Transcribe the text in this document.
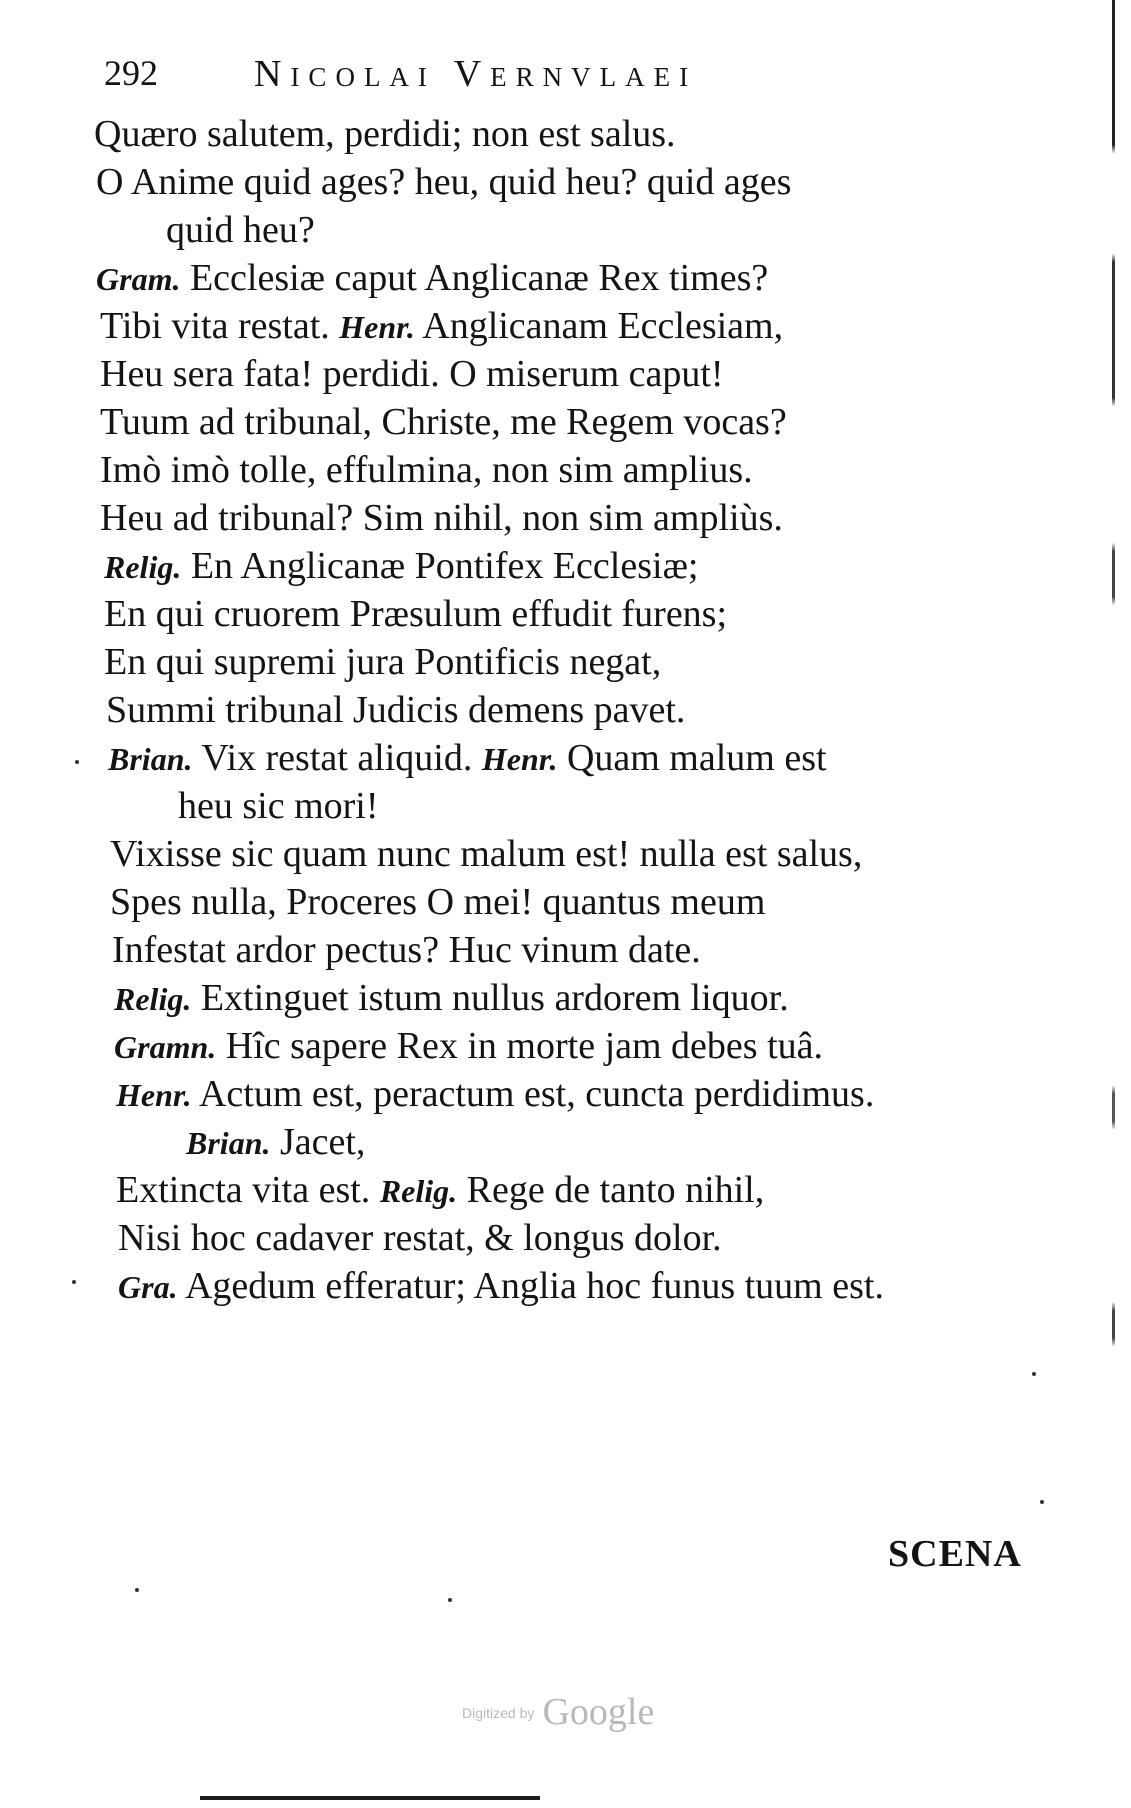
292	Nicolai Vernvlaei
Quæro salutem, perdidi; non est salus.
O Anime quid ages? heu, quid heu? quid ages
quid heu?
Gram. Ecclesiæ caput Anglicanæ Rex times?
Tibi vita restat. Henr. Anglicanam Ecclesiam,
Heu sera fata! perdidi. O miserum caput!
Tuum ad tribunal, Christe, me Regem vocas?
Imò imò tolle, effulmina, non sim amplius.
Heu ad tribunal? Sim nihil, non sim ampliùs.
Relig. En Anglicanæ Pontifex Ecclesiæ;
En qui cruorem Præsulum effudit furens;
En qui supremi jura Pontificis negat,
Summi tribunal Judicis demens pavet.
Brian. Vix restat aliquid. Henr. Quam malum est
heu sic mori!
Vixisse sic quam nunc malum est! nulla est salus,
Spes nulla, Proceres O mei! quantus meum
Infestat ardor pectus? Huc vinum date.
Relig. Extinguet istum nullus ardorem liquor.
Gramn. Hîc sapere Rex in morte jam debes tuâ.
Henr. Actum est, peractum est, cuncta perdidimus.
Brian. Jacet,
Extincta vita est. Relig. Rege de tanto nihil,
Nisi hoc cadaver restat, & longus dolor.
Gra. Agedum efferatur; Anglia hoc funus tuum est.
SCENA
Digitized by Google
